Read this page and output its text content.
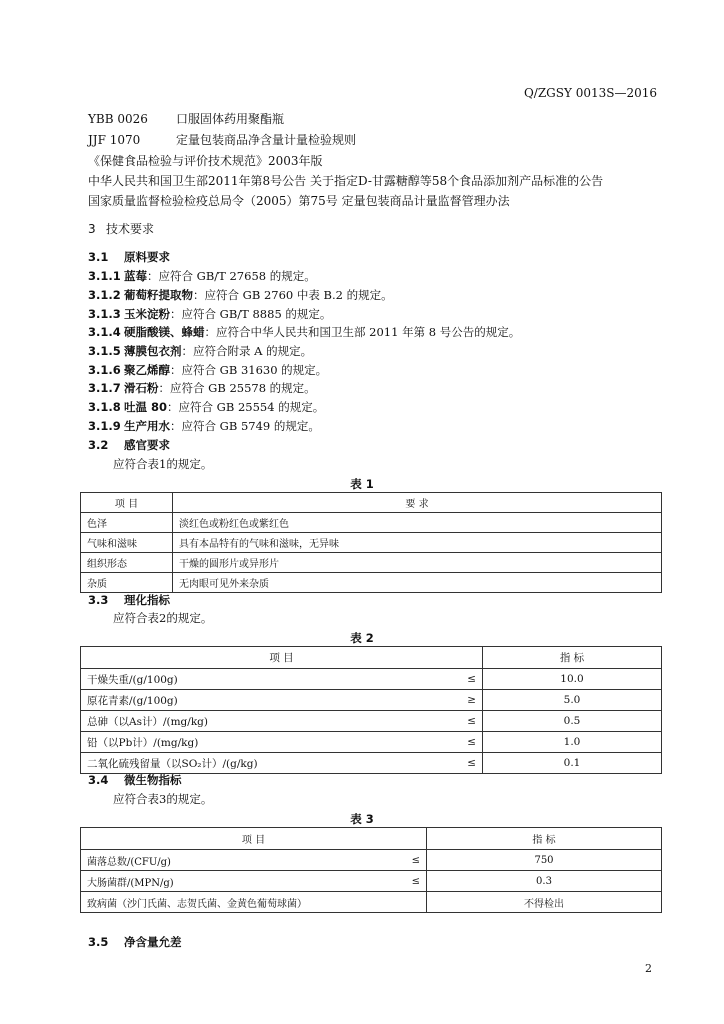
Q/ZGSY 0013S—2016
YBB 0026 口服固体药用聚酯瓶
JJF 1070	定量包装商品净含量计量检验规则
《保健食品检验与评价技术规范》2003年版
中华人民共和国卫生部2011年第8号公告 关于指定D-甘露糖醇等58个食品添加剂产品标准的公告
国家质量监督检验检疫总局令（2005）第75号 定量包装商品计量监督管理办法
3 技术要求
3.1 原料要求
3.1.1 蓝莓：应符合 GB/T 27658 的规定。
3.1.2 葡萄籽提取物：应符合 GB 2760 中表 B.2 的规定。
3.1.3 玉米淀粉：应符合 GB/T 8885 的规定。
3.1.4 硬脂酸镁、蜂蜡：应符合中华人民共和国卫生部 2011 年第 8 号公告的规定。
3.1.5 薄膜包衣剂：应符合附录 A 的规定。
3.1.6 聚乙烯醇：应符合 GB 31630 的规定。
3.1.7 滑石粉：应符合 GB 25578 的规定。
3.1.8 吐温 80：应符合 GB 25554 的规定。
3.1.9 生产用水：应符合 GB 5749 的规定。
3.2 感官要求
应符合表1的规定。
表 1
项 目	要 求
色泽	淡红色或粉红色或紫红色
气味和滋味	具有本品特有的气味和滋味，无异味
组织形态	干燥的圆形片或异形片
杂质	无肉眼可见外来杂质
3.3 理化指标
应符合表2的规定。
表 2
项 目		指 标
干燥失重/(g/100g)	≤	10.0
原花青素/(g/100g)	≥	5.0
总砷（以As计）/(mg/kg)	≤	0.5
铅（以Pb计）/(mg/kg)	≤	1.0
二氧化硫残留量（以SO₂计）/(g/kg)	≤	0.1
3.4 微生物指标
应符合表3的规定。
表 3
项 目		指 标
菌落总数/(CFU/g)	≤	750
大肠菌群/(MPN/g)	≤	0.3
致病菌（沙门氏菌、志贺氏菌、金黄色葡萄球菌）		不得检出
3.5 净含量允差
2
